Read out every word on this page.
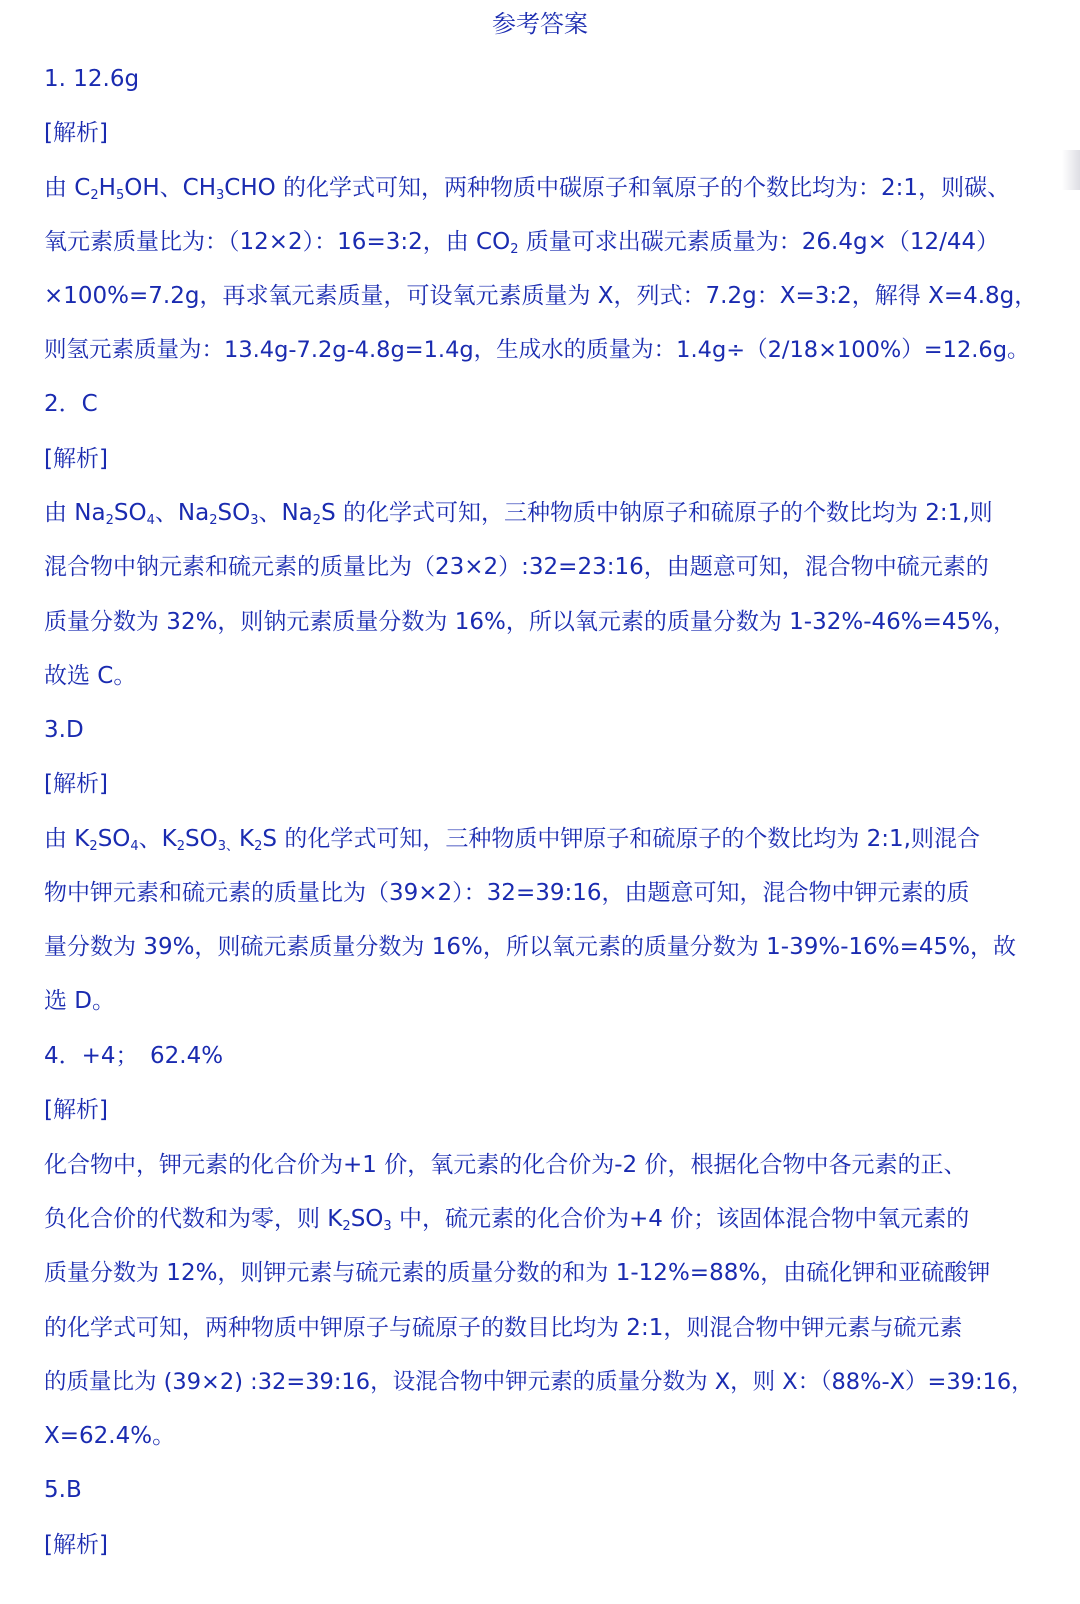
参考答案
1. 12.6g
[解析]
由 $C_2H_5OH$、$CH_3CHO$ 的化学式可知，两种物质中碳原子和氧原子的个数比均为：2:1，则碳、
氧元素质量比为：（12×2）：16=3:2，由 $CO_2$ 质量可求出碳元素质量为：26.4g×（12/44）
×100%=7.2g，再求氧元素质量，可设氧元素质量为 X，列式：7.2g：X=3:2，解得 X=4.8g，
则氢元素质量为：13.4g-7.2g-4.8g=1.4g，生成水的质量为：1.4g÷（2/18×100%）=12.6g。
2．C
[解析]
由 $Na_2SO_4$、$Na_2SO_3$、$Na_2S$ 的化学式可知，三种物质中钠原子和硫原子的个数比均为 2:1,则
混合物中钠元素和硫元素的质量比为（23×2）:32=23:16，由题意可知，混合物中硫元素的
质量分数为 32%，则钠元素质量分数为 16%，所以氧元素的质量分数为 1-32%-46%=45%，
故选 C。
3.D
[解析]
由 $K_2SO_4$、$K_2SO_{3、}K_2S$ 的化学式可知，三种物质中钾原子和硫原子的个数比均为 2:1,则混合
物中钾元素和硫元素的质量比为（39×2）：32=39:16，由题意可知，混合物中钾元素的质
量分数为 39%，则硫元素质量分数为 16%，所以氧元素的质量分数为 1-39%-16%=45%，故
选 D。
4．+4；　62.4%
[解析]
化合物中，钾元素的化合价为+1 价，氧元素的化合价为-2 价，根据化合物中各元素的正、
负化合价的代数和为零，则 $K_2SO_3$ 中，硫元素的化合价为+4 价；该固体混合物中氧元素的
质量分数为 12%，则钾元素与硫元素的质量分数的和为 1-12%=88%，由硫化钾和亚硫酸钾
的化学式可知，两种物质中钾原子与硫原子的数目比均为 2:1，则混合物中钾元素与硫元素
的质量比为 (39×2) :32=39:16，设混合物中钾元素的质量分数为 X，则 X：（88%-X）=39:16，
X=62.4%。
5.B
[解析]
